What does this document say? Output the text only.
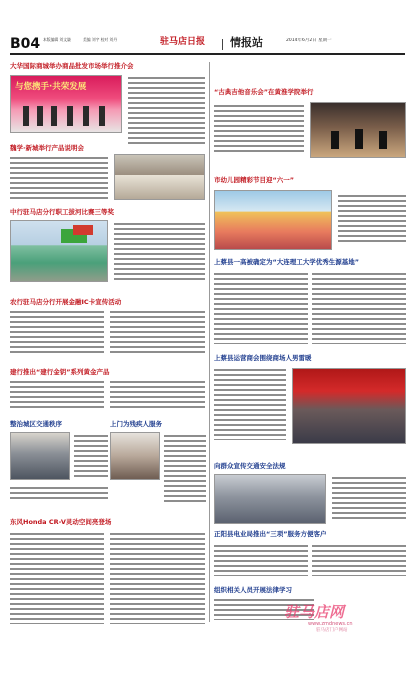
B04 本版编辑 刘文谦	美编 刘宇 校对 刘丹	驻马店日报 情报站	2014年6月2日 星期一
大华国际商城举办商品批发市场举行推介会
与您携手·共荣发展
魏学·新城举行产品说明会
中行驻马店分行职工拔河比赛三等奖
农行驻马店分行开展金融IC卡宣传活动
建行推出“建行金钥”系列黄金产品
整治城区交通秩序	上门为残疾人服务
东风Honda CR-V灵动空间亮登场
“古典吉他音乐会”在黄淮学院举行
市幼儿园精彩节目迎“六一”
上蔡县一高被确定为“大连理工大学优秀生源基地”
上蔡县运营商会围绕商场人男雷暖
向群众宣传交通安全法规
正阳县电业局推出“三项”服务方便客户
组织相关人员开展法律学习
驻马店网
www.zmdnews.cn
驻马店门户网站
